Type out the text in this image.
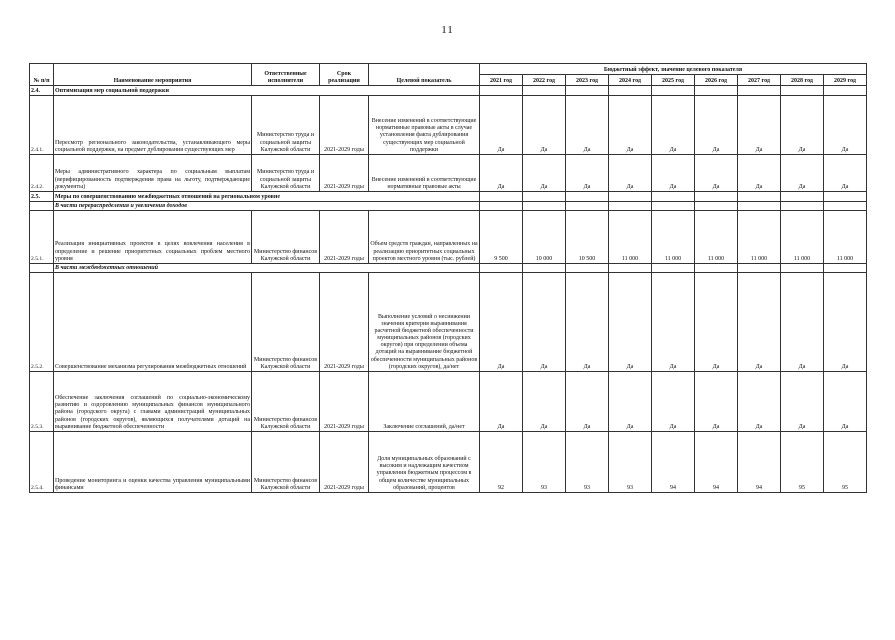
11
№ п/п	Наименование мероприятия	Ответственные исполнители	Срок реализации	Целевой показатель	Бюджетный эффект, значение целевого показателя								
					2021 год	2022 год	2023 год	2024 год	2025 год	2026 год	2027 год	2028 год	2029 год
2.4.	Оптимизация мер социальной поддержки												
2.4.1.	Пересмотр регионального законодательства, устанавливающего меры социальной поддержки, на предмет дублирования существующих мер	Министерство труда и социальной защиты Калужской области	2021-2029 годы	Внесение изменений в соответствующие нормативные правовые акты в случае установления факта дублирования существующих мер социальной поддержки	Да	Да	Да	Да	Да	Да	Да	Да	Да
2.4.2.	Меры административного характера по социальным выплатам (верифицированность подтверждения права на льготу, подтверждающие документы)	Министерство труда и социальной защиты Калужской области	2021-2029 годы	Внесение изменений в соответствующие нормативные правовые акты	Да	Да	Да	Да	Да	Да	Да	Да	Да
2.5.	Меры по совершенствованию межбюджетных отношений на региональном уровне												
	В части перераспределения и увеличения доходов												
2.5.1.	Реализация инициативных проектов в целях вовлечения населения в определение и решение приоритетных социальных проблем местного уровня	Министерство финансов Калужской области	2021-2029 годы	Объем средств граждан, направленных на реализацию приоритетных социальных проектов местного уровня (тыс. рублей)	9 500	10 000	10 500	11 000	11 000	11 000	11 000	11 000	11 000
	В части межбюджетных отношений												
2.5.2.	Совершенствование механизма регулирования межбюджетных отношений	Министерство финансов Калужской области	2021-2029 годы	Выполнение условий о неснижении значения критерия выравнивания расчетной бюджетной обеспеченности муниципальных районов (городских округов) при определении объема дотаций на выравнивание бюджетной обеспеченности муниципальных районов (городских округов), да/нет	Да	Да	Да	Да	Да	Да	Да	Да	Да
2.5.3.	Обеспечение заключения соглашений по социально-экономическому развитию и оздоровлению муниципальных финансов муниципального района (городского округа) с главами администраций муниципальных районов (городских округов), являющихся получателями дотаций на выравнивание бюджетной обеспеченности	Министерство финансов Калужской области	2021-2029 годы	Заключение соглашений, да/нет	Да	Да	Да	Да	Да	Да	Да	Да	Да
2.5.4.	Проведение мониторинга и оценки качества управления муниципальными финансами	Министерство финансов Калужской области	2021-2029 годы	Доля муниципальных образований с высоким и надлежащим качеством управления бюджетным процессом в общем количестве муниципальных образований, процентов	92	93	93	93	94	94	94	95	95
